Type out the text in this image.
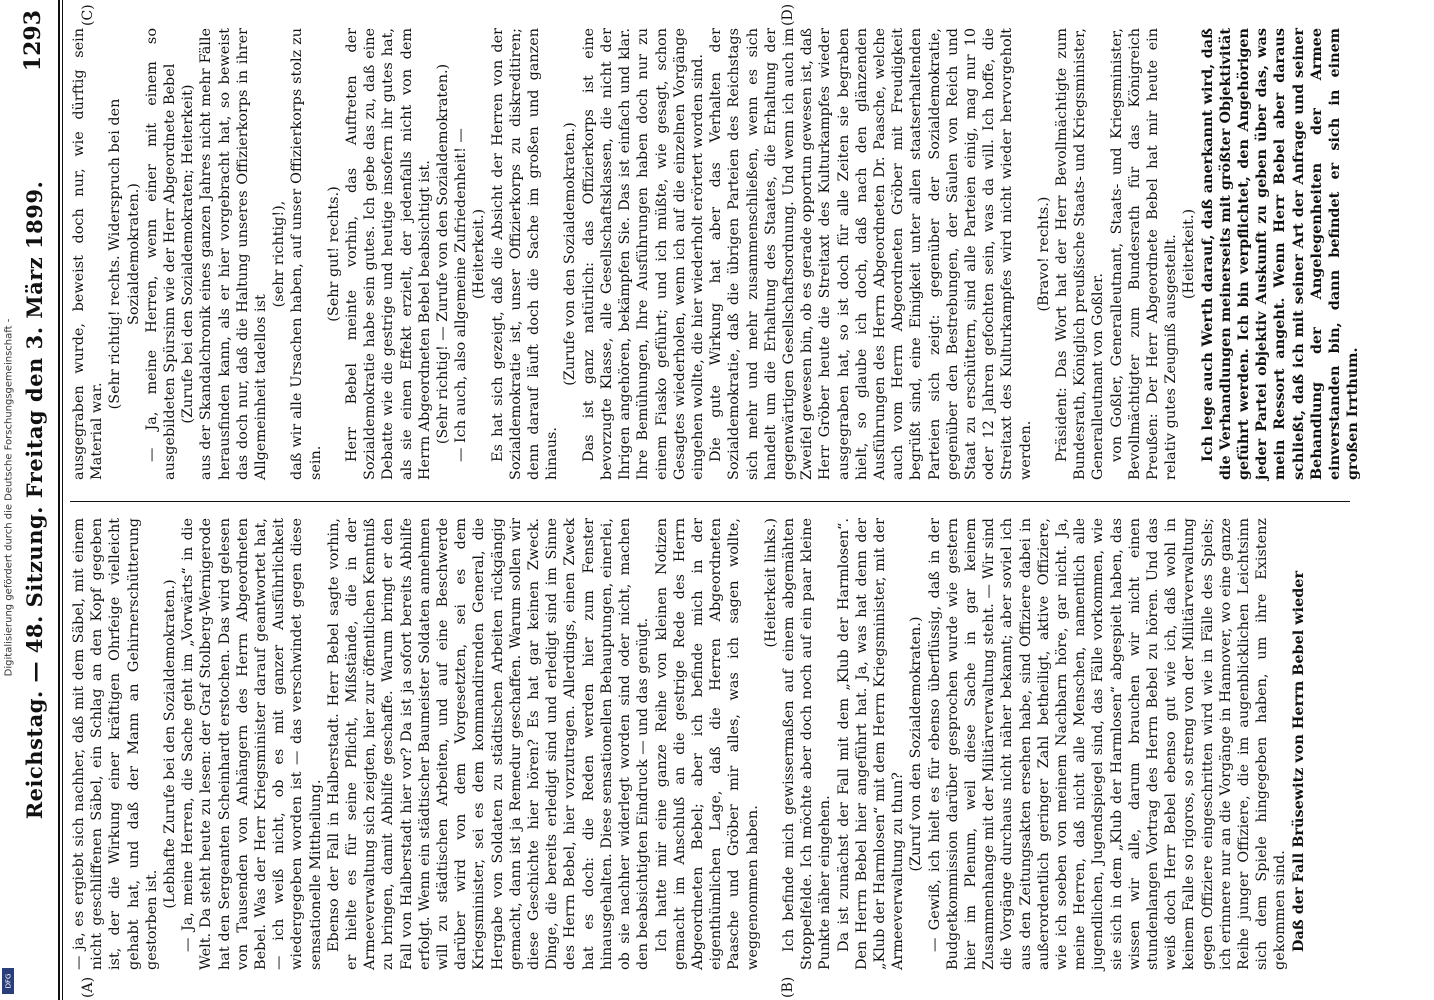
Reichstag. — 48. Sitzung. Freitag den 3. März 1899.
1293
(A)	(B)
(C)	(D)

— ja, es ergiebt sich nachher, daß mit dem Säbel, mit einem nicht geschliffenen Säbel, ein Schlag an den Kopf gegeben ist, der die Wirkung einer kräftigen Ohrfeige vielleicht gehabt hat, und daß der Mann an Gehirnerschütterung gestorben ist.

(Lebhafte Zurufe bei den Sozialdemokraten.) — Ja, meine Herren, die Sache geht im „Vorwärts“ in die Welt. Da steht heute zu lesen: der Graf Stolberg-Wernigerode hat den Sergeanten Scheinhardt erstochen. Das wird gelesen von Tausenden von Anhängern des Herrn Abgeordneten Bebel. Was der Herr Kriegsminister darauf geantwortet hat, — ich weiß nicht, ob es mit ganzer Ausführlichkeit wiedergegeben worden ist — das verschwindet gegen diese sensationelle Mittheilung. Ebenso der Fall in Halberstadt. Herr Bebel sagte vorhin, er hielte es für seine Pflicht, Mißstände, die in der Armeeverwaltung sich zeigten, hier zur öffentlichen Kenntniß zu bringen, damit Abhilfe geschaffe. Warum bringt er den Fall von Halberstadt hier vor? Da ist ja sofort bereits Abhilfe erfolgt. Wenn ein städtischer Baumeister Soldaten annehmen will zu städtischen Arbeiten, und auf eine Beschwerde darüber wird von dem Vorgesetzten, sei es dem Kriegsminister, sei es dem kommandirenden General, die Hergabe von Soldaten zu städtischen Arbeiten rückgängig gemacht, dann ist ja Remedur geschaffen. Warum sollen wir diese Geschichte hier hören? Es hat gar keinen Zweck. Dinge, die bereits erledigt sind und erledigt sind im Sinne des Herrn Bebel, hier vorzutragen. Allerdings, einen Zweck hat es doch: die Reden werden hier zum Fenster hinausgehalten. Diese sensationellen Behauptungen, einerlei, ob sie nachher widerlegt worden sind oder nicht, machen den beabsichtigten Eindruck — und das genügt. Ich hatte mir eine ganze Reihe von kleinen Notizen gemacht im Anschluß an die gestrige Rede des Herrn Abgeordneten Bebel; aber ich befinde mich in der eigenthümlichen Lage, daß die Herren Abgeordneten Paasche und Gröber mir alles, was ich sagen wollte, weggenommen haben.

(Heiterkeit links.) Ich befinde mich gewissermaßen auf einem abgemähten Stoppelfelde. Ich möchte aber doch noch auf ein paar kleine Punkte näher eingehen. Da ist zunächst der Fall mit dem „Klub der Harmlosen“. Den Herrn Bebel hier angeführt hat. Ja, was hat denn der „Klub der Harmlosen“ mit dem Herrn Kriegsminister, mit der Armeeverwaltung zu thun? (Zuruf von den Sozialdemokraten.) — Gewiß, ich hielt es für ebenso überflüssig, daß in der Budgetkommission darüber gesprochen wurde wie gestern hier im Plenum, weil diese Sache in gar keinem Zusammenhange mit der Militärverwaltung steht. — Wir sind die Vorgänge durchaus nicht näher bekannt; aber soviel ich aus den Zeitungsakten ersehen habe, sind Offiziere dabei in außerordentlich geringer Zahl betheiligt, aktive Offiziere, wie ich soeben von meinem Nachbarn höre, gar nicht. Ja, meine Herren, daß nicht alle Menschen, namentlich alle jugendlichen, Jugendspiegel sind, das Fälle vorkommen, wie sie sich in dem „Klub der Harmlosen“ abgespielt haben, das wissen wir alle, darum brauchen wir nicht einen stundenlangen Vortrag des Herrn Bebel zu hören. Und das weiß doch Herr Bebel ebenso gut wie ich, daß wohl in keinem Falle so rigoros, so streng von der Militärverwaltung gegen Offiziere eingeschritten wird wie in Fälle des Spiels; ich erinnere nur an die Vorgänge in Hannover, wo eine ganze Reihe junger Offiziere, die im augenblicklichen Leichtsinn sich dem Spiele hingegeben haben, um ihre Existenz gekommen sind. Daß der Fall Brüsewitz von Herrn Bebel wieder

ausgegraben wurde, beweist doch nur, wie dürftig sein Material war.

(Sehr richtig! rechts. Widerspruch bei den Sozialdemokraten.) — Ja, meine Herren, wenn einer mit einem so ausgebildeten Spürsinn wie der Herr Abgeordnete Bebel (Zurufe bei den Sozialdemokraten; Heiterkeit) aus der Skandalchronik eines ganzen Jahres nicht mehr Fälle herausfinden kann, als er hier vorgebracht hat, so beweist das doch nur, daß die Haltung unseres Offizierkorps in ihrer Allgemeinheit tadellos ist

(sehr richtig!), daß wir alle Ursachen haben, auf unser Offizierkorps stolz zu sein.

(Sehr gut! rechts.) Herr Bebel meinte vorhin, das Auftreten der Sozialdemokratie habe sein gutes. Ich gebe das zu, daß eine Debatte wie die gestrige und heutige insofern ihr gutes hat, als sie einen Effekt erzielt, der jedenfalls nicht von dem Herrn Abgeordneten Bebel beabsichtigt ist. (Sehr richtig! — Zurufe von den Sozialdemokraten.) — Ich auch, also allgemeine Zufriedenheit! — (Heiterkeit.) Es hat sich gezeigt, daß die Absicht der Herren von der Sozialdemokratie ist, unser Offizierkorps zu diskreditiren; denn darauf läuft doch die Sache im großen und ganzen hinaus.

(Zurufe von den Sozialdemokraten.) Das ist ganz natürlich: das Offizierkorps ist eine bevorzugte Klasse, alle Gesellschaftsklassen, die nicht der Ihrigen angehören, bekämpfen Sie. Das ist einfach und klar. Ihre Bemühungen, Ihre Ausführungen haben doch nur zu einem Fiasko geführt; und ich müßte, wie gesagt, schon Gesagtes wiederholen, wenn ich auf die einzelnen Vorgänge eingehen wollte, die hier wiederholt erörtert worden sind. Die gute Wirkung hat aber das Verhalten der Sozialdemokratie, daß die übrigen Parteien des Reichstags sich mehr und mehr zusammenschließen, wenn es sich handelt um die Erhaltung des Staates, die Erhaltung der gegenwärtigen Gesellschaftsordnung. Und wenn ich auch im Zweifel gewesen bin, ob es gerade opportun gewesen ist, daß Herr Gröber heute die Streitaxt des Kulturkampfes wieder ausgegraben hat, so ist doch für alle Zeiten sie begraben hielt, so glaube ich doch, daß nach den glänzenden Ausführungen des Herrn Abgeordneten Dr. Paasche, welche auch vom Herrn Abgeordneten Gröber mit Freudigkeit begrüßt sind, eine Einigkeit unter allen staatserhaltenden Parteien sich zeigt: gegenüber der Sozialdemokratie, gegenüber den Bestrebungen, der Säulen von Reich und Staat zu erschüttern, sind alle Parteien einig, mag nur 10 oder 12 Jahren gefochten sein, was da will. Ich hoffe, die Streitaxt des Kulturkampfes wird nicht wieder hervorgeholt werden.

(Bravo! rechts.) Präsident: Das Wort hat der Herr Bevollmächtigte zum Bundesrath, Königlich preußische Staats- und Kriegsminister, Generalleutnant von Goßler. von Goßler, Generalleutnant, Staats- und Kriegsminister, Bevollmächtigter zum Bundesrath für das Königreich Preußen: Der Herr Abgeordnete Bebel hat mir heute ein relativ gutes Zeugniß ausgestellt. (Heiterkeit.) Ich lege auch Werth darauf, daß anerkannt wird, daß die Verhandlungen meinerseits mit größter Objektivität geführt werden. Ich bin verpflichtet, den Angehörigen jeder Partei objektiv Auskunft zu geben über das, was mein Ressort angeht. Wenn Herr Bebel aber daraus schließt, daß ich mit seiner Art der Anfrage und seiner Behandlung der Angelegenheiten der Armee einverstanden bin, dann befindet er sich in einem großen Irrthum.

Digitalisierung gefördert durch die Deutsche Forschungsgemeinschaft -
DFG
